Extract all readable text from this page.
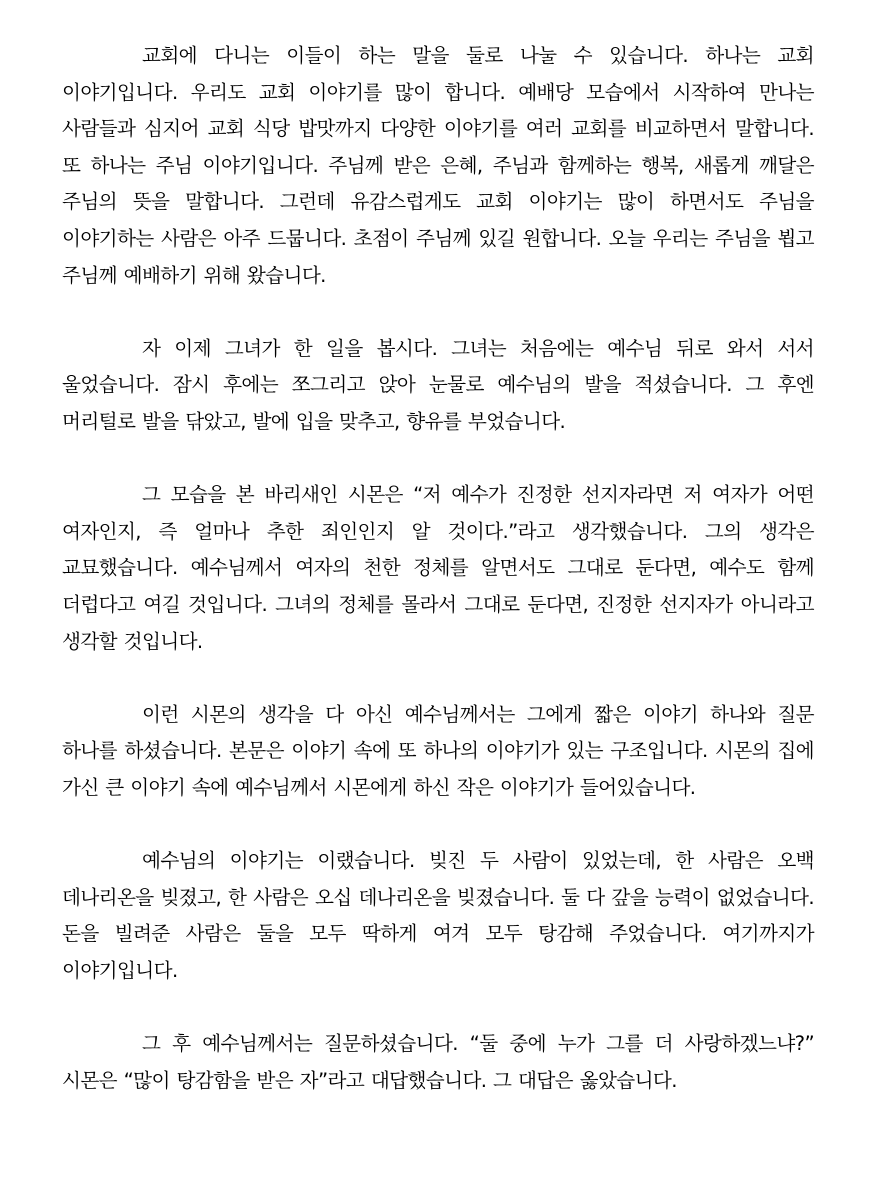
교회에 다니는 이들이 하는 말을 둘로 나눌 수 있습니다. 하나는 교회 이야기입니다. 우리도 교회 이야기를 많이 합니다. 예배당 모습에서 시작하여 만나는 사람들과 심지어 교회 식당 밥맛까지 다양한 이야기를 여러 교회를 비교하면서 말합니다. 또 하나는 주님 이야기입니다. 주님께 받은 은혜, 주님과 함께하는 행복, 새롭게 깨달은 주님의 뜻을 말합니다. 그런데 유감스럽게도 교회 이야기는 많이 하면서도 주님을 이야기하는 사람은 아주 드뭅니다. 초점이 주님께 있길 원합니다. 오늘 우리는 주님을 뵙고 주님께 예배하기 위해 왔습니다.

자 이제 그녀가 한 일을 봅시다. 그녀는 처음에는 예수님 뒤로 와서 서서 울었습니다. 잠시 후에는 쪼그리고 앉아 눈물로 예수님의 발을 적셨습니다. 그 후엔 머리털로 발을 닦았고, 발에 입을 맞추고, 향유를 부었습니다.

그 모습을 본 바리새인 시몬은 “저 예수가 진정한 선지자라면 저 여자가 어떤 여자인지, 즉 얼마나 추한 죄인인지 알 것이다.”라고 생각했습니다. 그의 생각은 교묘했습니다. 예수님께서 여자의 천한 정체를 알면서도 그대로 둔다면, 예수도 함께 더럽다고 여길 것입니다. 그녀의 정체를 몰라서 그대로 둔다면, 진정한 선지자가 아니라고 생각할 것입니다.

이런 시몬의 생각을 다 아신 예수님께서는 그에게 짧은 이야기 하나와 질문 하나를 하셨습니다. 본문은 이야기 속에 또 하나의 이야기가 있는 구조입니다. 시몬의 집에 가신 큰 이야기 속에 예수님께서 시몬에게 하신 작은 이야기가 들어있습니다.

예수님의 이야기는 이랬습니다. 빚진 두 사람이 있었는데, 한 사람은 오백 데나리온을 빚졌고, 한 사람은 오십 데나리온을 빚졌습니다. 둘 다 갚을 능력이 없었습니다. 돈을 빌려준 사람은 둘을 모두 딱하게 여겨 모두 탕감해 주었습니다. 여기까지가 이야기입니다.

그 후 예수님께서는 질문하셨습니다. “둘 중에 누가 그를 더 사랑하겠느냐?” 시몬은 “많이 탕감함을 받은 자”라고 대답했습니다. 그 대답은 옳았습니다.
